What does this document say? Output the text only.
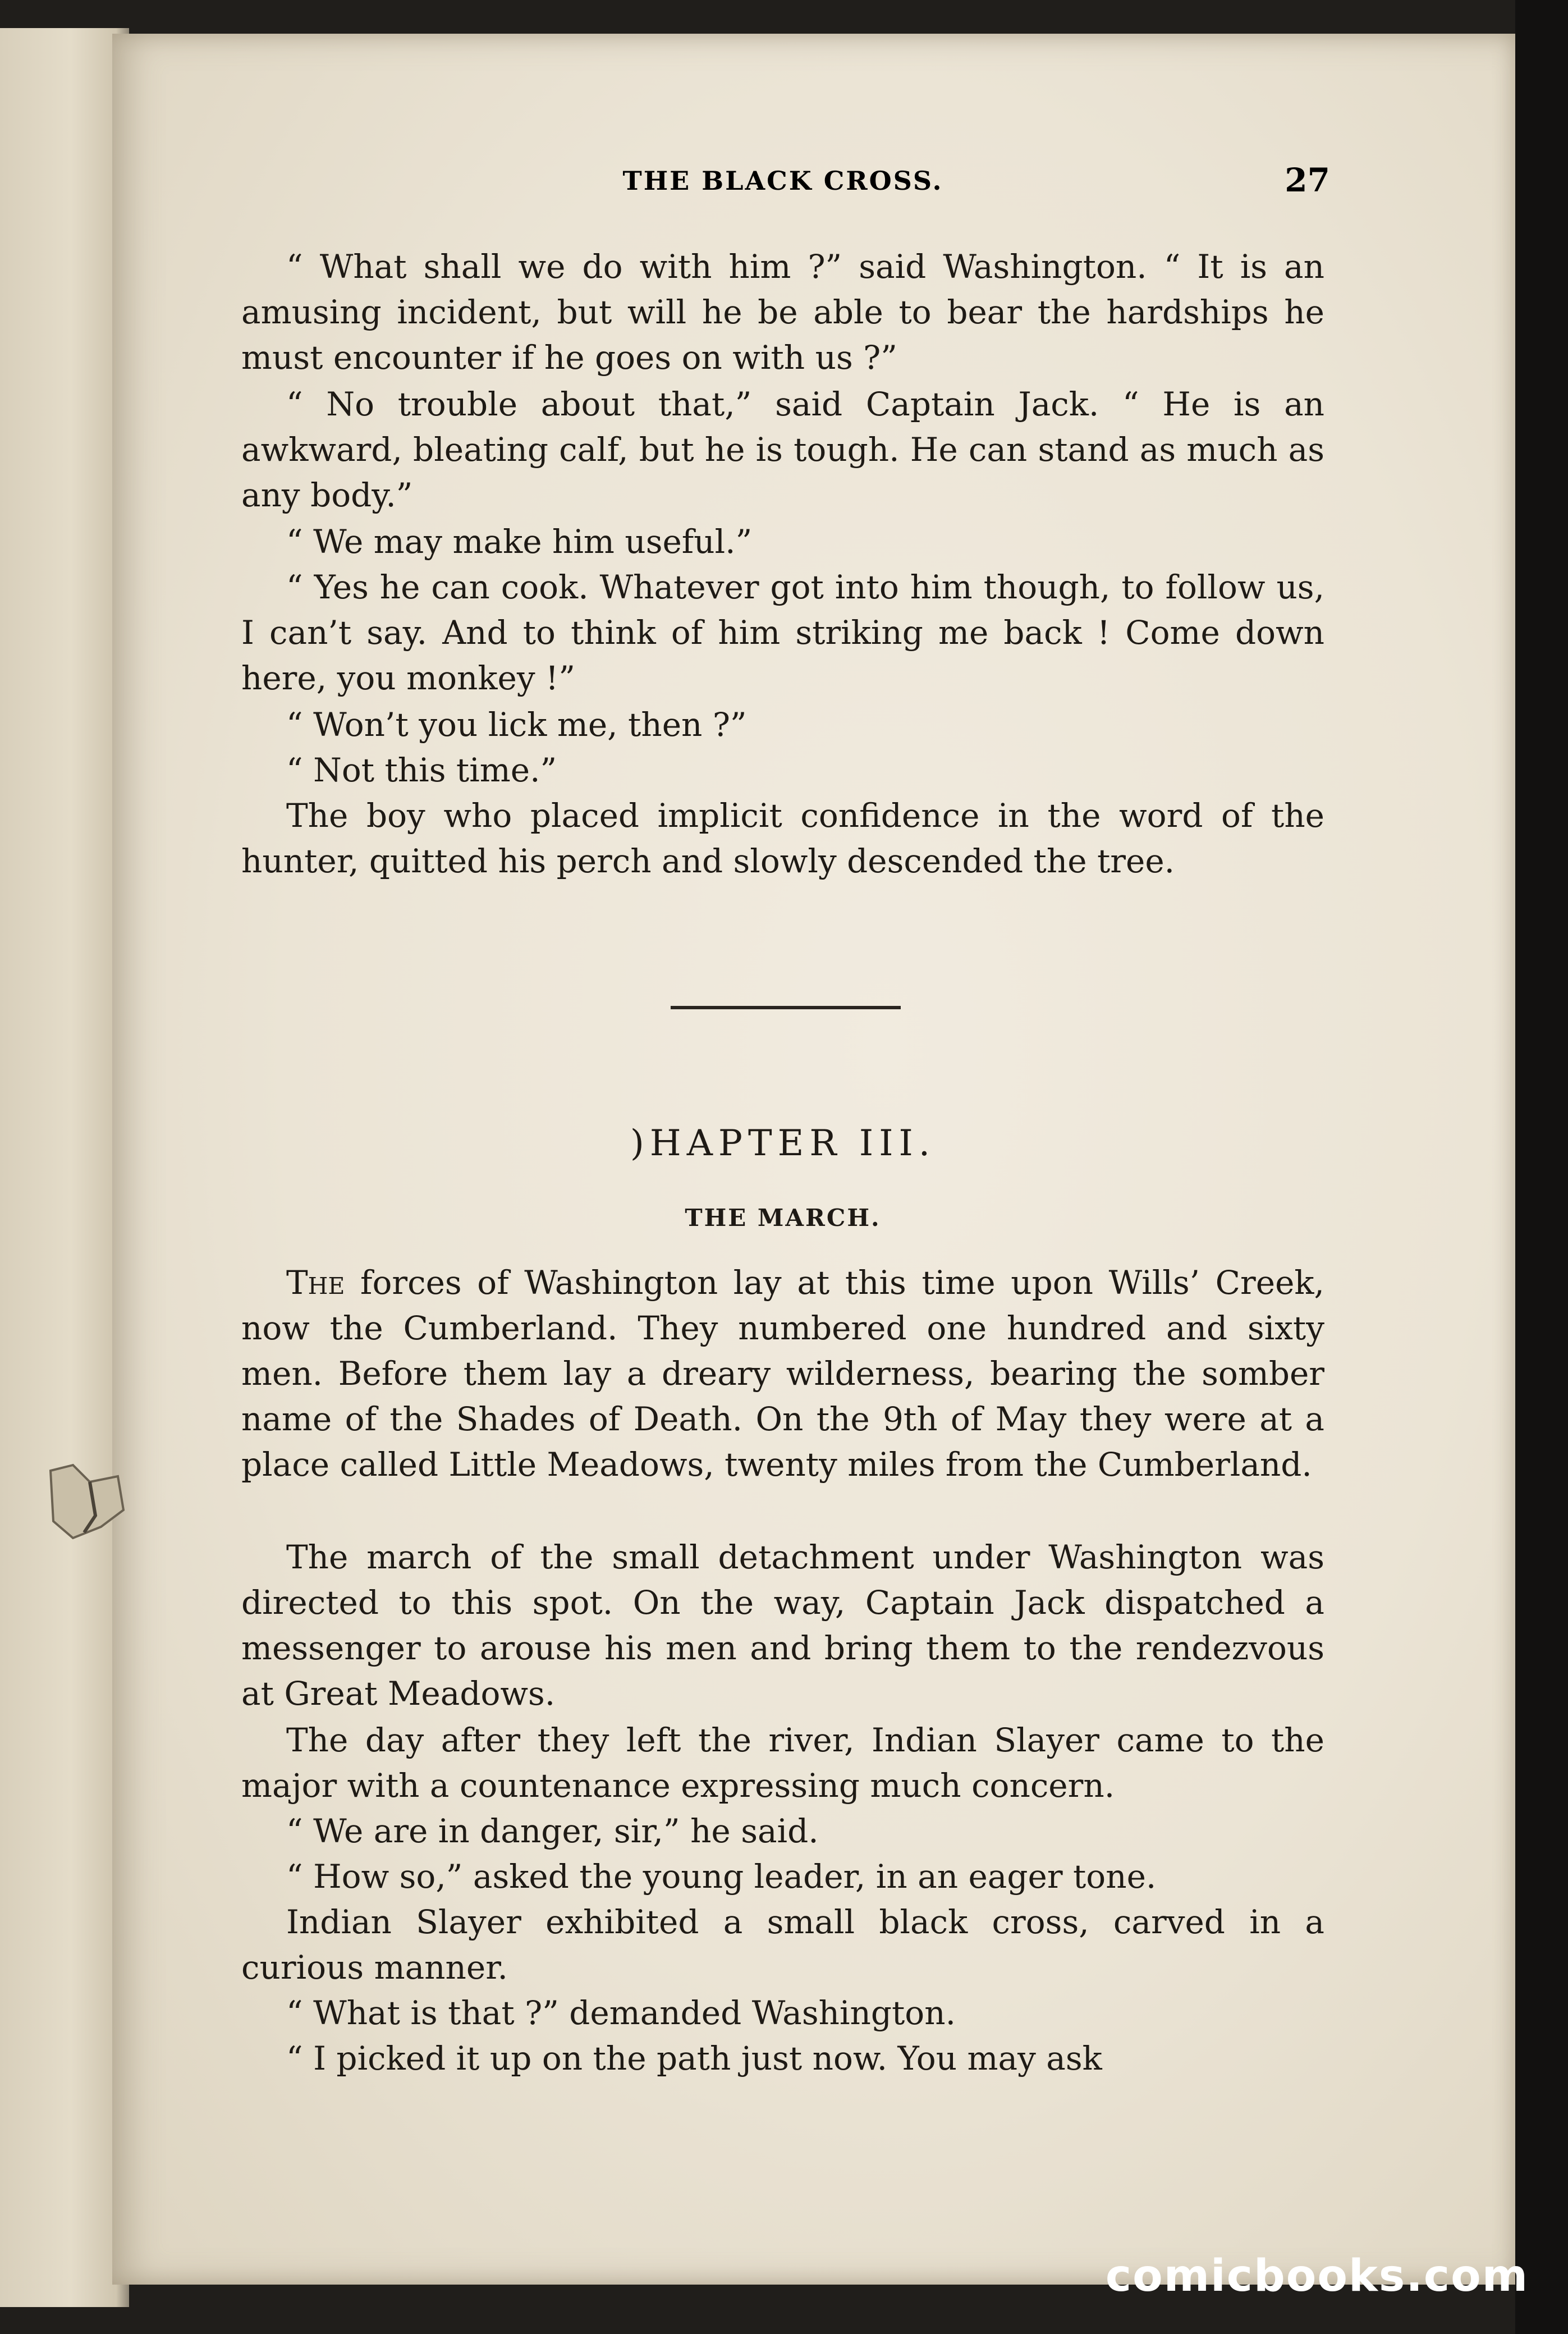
THE BLACK CROSS.	27

“ What shall we do with him ?” said Washington. “ It is an amusing incident, but will he be able to bear the hardships he must encounter if he goes on with us ?”

“ No trouble about that,” said Captain Jack. “ He is an awkward, bleating calf, but he is tough. He can stand as much as any body.”

“ We may make him useful.”

“ Yes he can cook. Whatever got into him though, to follow us, I can’t say. And to think of him striking me back ! Come down here, you monkey !”

“ Won’t you lick me, then ?”

“ Not this time.”

The boy who placed implicit confidence in the word of the hunter, quitted his perch and slowly descended the tree.

)HAPTER III.
THE MARCH.

The forces of Washington lay at this time upon Wills’ Creek, now the Cumberland. They numbered one hundred and sixty men. Before them lay a dreary wilderness, bearing the somber name of the Shades of Death. On the 9th of May they were at a place called Little Meadows, twenty miles from the Cumberland.

The march of the small detachment under Washington was directed to this spot. On the way, Captain Jack dispatched a messenger to arouse his men and bring them to the rendezvous at Great Meadows.

The day after they left the river, Indian Slayer came to the major with a countenance expressing much concern.

“ We are in danger, sir,” he said.

“ How so,” asked the young leader, in an eager tone.

Indian Slayer exhibited a small black cross, carved in a curious manner.

“ What is that ?” demanded Washington.

“ I picked it up on the path just now. You may ask

comicbooks.com
